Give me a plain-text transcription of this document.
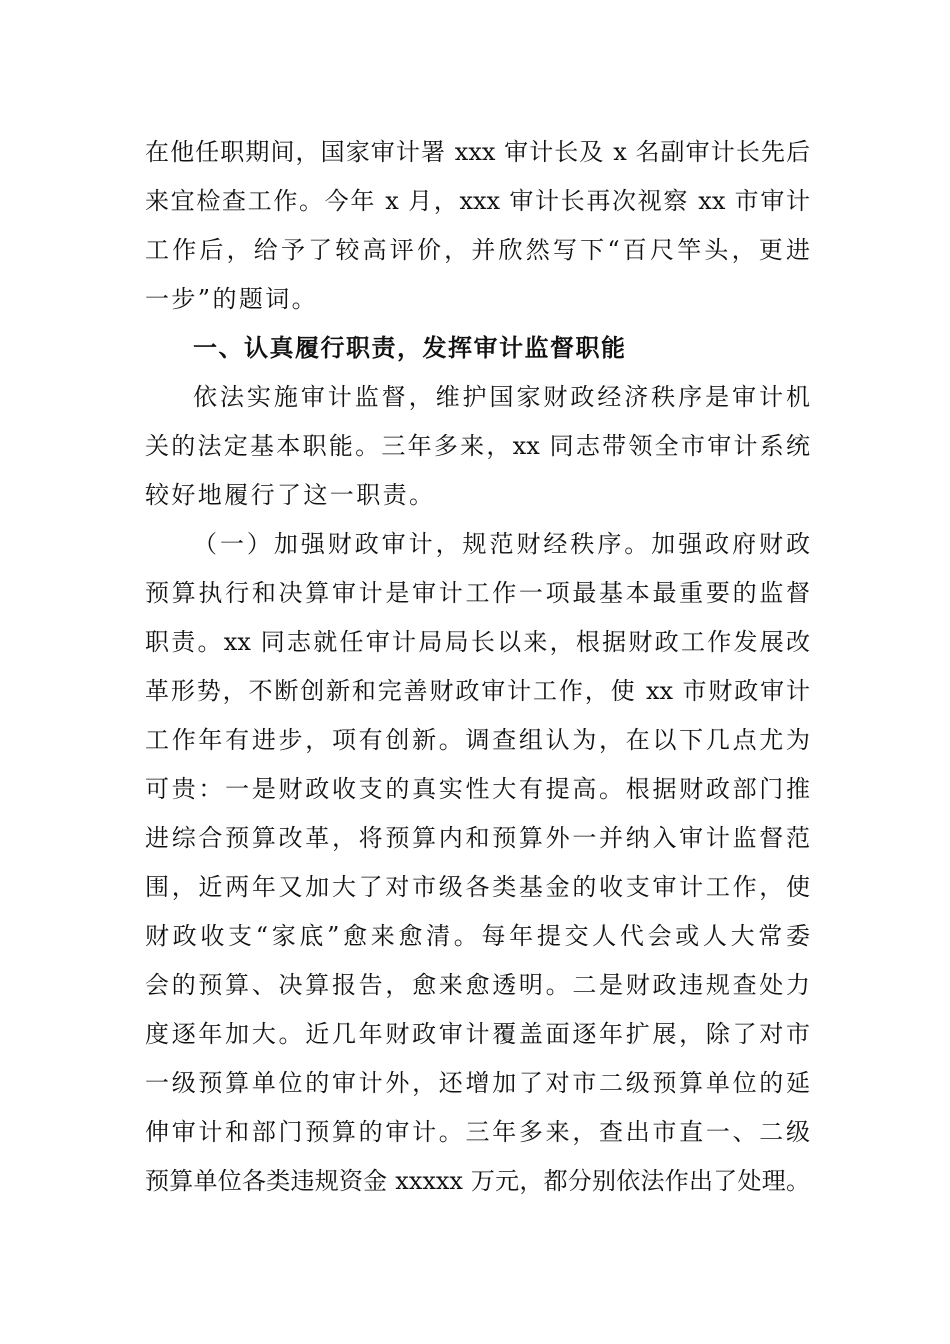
在他任职期间，国家审计署 xxx 审计长及 x 名副审计长先后
来宜检查工作。今年 x 月，xxx 审计长再次视察 xx 市审计
工作后，给予了较高评价，并欣然写下“百尺竿头，更进
一步”的题词。
一、认真履行职责，发挥审计监督职能
依法实施审计监督，维护国家财政经济秩序是审计机
关的法定基本职能。三年多来，xx 同志带领全市审计系统
较好地履行了这一职责。
（一）加强财政审计，规范财经秩序。加强政府财政
预算执行和决算审计是审计工作一项最基本最重要的监督
职责。xx 同志就任审计局局长以来，根据财政工作发展改
革形势，不断创新和完善财政审计工作，使 xx 市财政审计
工作年有进步，项有创新。调查组认为，在以下几点尤为
可贵：一是财政收支的真实性大有提高。根据财政部门推
进综合预算改革，将预算内和预算外一并纳入审计监督范
围，近两年又加大了对市级各类基金的收支审计工作，使
财政收支“家底”愈来愈清。每年提交人代会或人大常委
会的预算、决算报告，愈来愈透明。二是财政违规查处力
度逐年加大。近几年财政审计覆盖面逐年扩展，除了对市
一级预算单位的审计外，还增加了对市二级预算单位的延
伸审计和部门预算的审计。三年多来，查出市直一、二级
预算单位各类违规资金 xxxxx 万元，都分别依法作出了处理。
